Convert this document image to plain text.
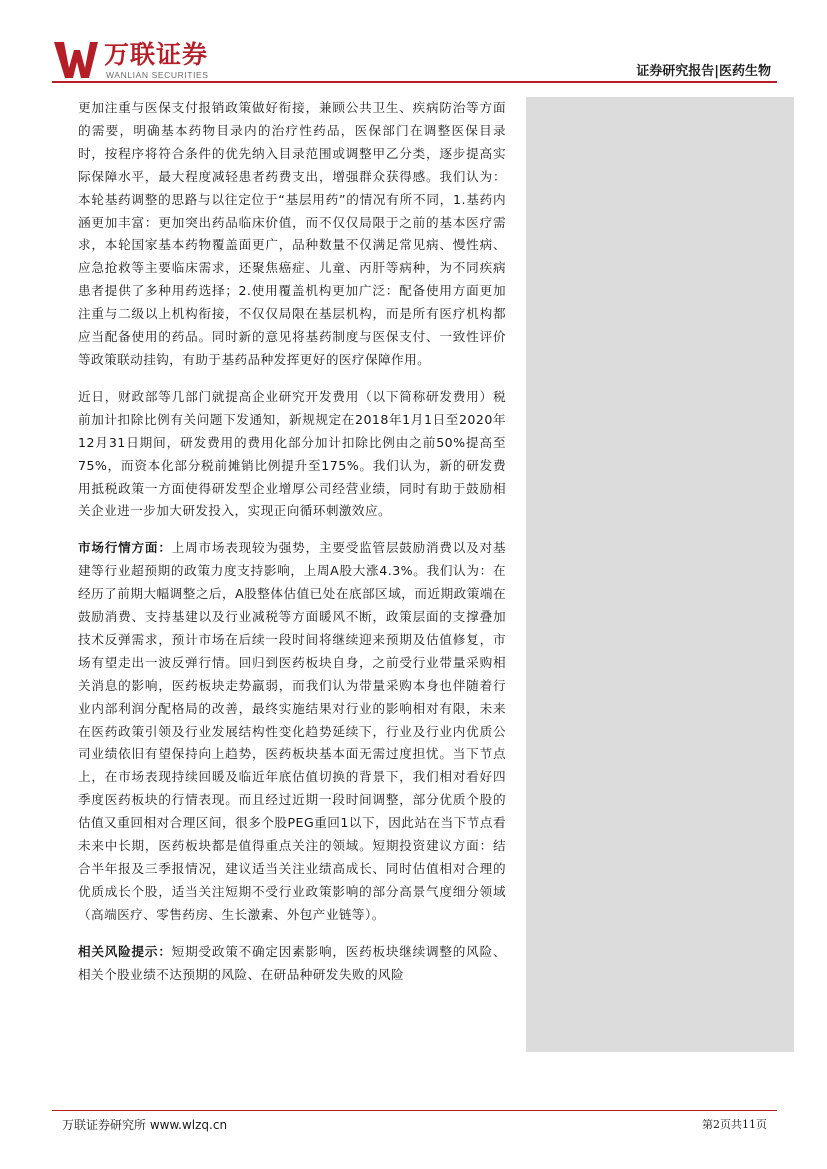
万联证券
WANLIAN SECURITIES	证券研究报告|医药生物

更加注重与医保支付报销政策做好衔接，兼顾公共卫生、疾病防治等方面的需要，明确基本药物目录内的治疗性药品，医保部门在调整医保目录时，按程序将符合条件的优先纳入目录范围或调整甲乙分类，逐步提高实际保障水平，最大程度减轻患者药费支出，增强群众获得感。我们认为：本轮基药调整的思路与以往定位于“基层用药”的情况有所不同，1.基药内涵更加丰富：更加突出药品临床价值，而不仅仅局限于之前的基本医疗需求，本轮国家基本药物覆盖面更广，品种数量不仅满足常见病、慢性病、应急抢救等主要临床需求，还聚焦癌症、儿童、丙肝等病种，为不同疾病患者提供了多种用药选择；2.使用覆盖机构更加广泛：配备使用方面更加注重与二级以上机构衔接，不仅仅局限在基层机构，而是所有医疗机构都应当配备使用的药品。同时新的意见将基药制度与医保支付、一致性评价等政策联动挂钩，有助于基药品种发挥更好的医疗保障作用。

近日，财政部等几部门就提高企业研究开发费用（以下简称研发费用）税前加计扣除比例有关问题下发通知，新规规定在2018年1月1日至2020年12月31日期间，研发费用的费用化部分加计扣除比例由之前50%提高至75%，而资本化部分税前摊销比例提升至175%。我们认为，新的研发费用抵税政策一方面使得研发型企业增厚公司经营业绩，同时有助于鼓励相关企业进一步加大研发投入，实现正向循环刺激效应。

市场行情方面：上周市场表现较为强势，主要受监管层鼓励消费以及对基建等行业超预期的政策力度支持影响，上周A股大涨4.3%。我们认为：在经历了前期大幅调整之后，A股整体估值已处在底部区域，而近期政策端在鼓励消费、支持基建以及行业减税等方面暖风不断，政策层面的支撑叠加技术反弹需求，预计市场在后续一段时间将继续迎来预期及估值修复，市场有望走出一波反弹行情。回归到医药板块自身，之前受行业带量采购相关消息的影响，医药板块走势羸弱，而我们认为带量采购本身也伴随着行业内部利润分配格局的改善，最终实施结果对行业的影响相对有限，未来在医药政策引领及行业发展结构性变化趋势延续下，行业及行业内优质公司业绩依旧有望保持向上趋势，医药板块基本面无需过度担忧。当下节点上，在市场表现持续回暖及临近年底估值切换的背景下，我们相对看好四季度医药板块的行情表现。而且经过近期一段时间调整，部分优质个股的估值又重回相对合理区间，很多个股PEG重回1以下，因此站在当下节点看未来中长期，医药板块都是值得重点关注的领域。短期投资建议方面：结合半年报及三季报情况，建议适当关注业绩高成长、同时估值相对合理的优质成长个股，适当关注短期不受行业政策影响的部分高景气度细分领域（高端医疗、零售药房、生长激素、外包产业链等）。

相关风险提示：短期受政策不确定因素影响，医药板块继续调整的风险、相关个股业绩不达预期的风险、在研品种研发失败的风险

万联证券研究所 www.wlzq.cn	第2页共11页
